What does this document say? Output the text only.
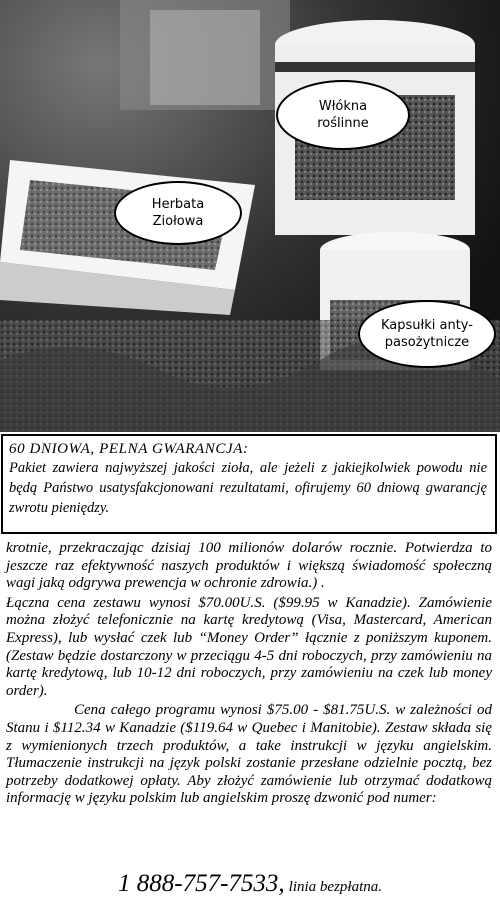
Włókna
roślinne
Herbata
Ziołowa
Kapsułki anty-
pasożytnicze
60 DNIOWA, PELNA GWARANCJA:
Pakiet zawiera najwyższej jakości zioła, ale jeżeli z jakiejkolwiek powodu nie będą Państwo usatysfakcjonowani rezultatami, ofirujemy 60 dniową gwarancję zwrotu pieniędzy.

krotnie, przekraczając dzisiaj 100 milionów dolarów rocznie. Potwierdza to jeszcze raz efektywność naszych produktów i większą świadomość społeczną wagi jaką odgrywa prewencja w ochronie zdrowia.) .

Łączna cena zestawu wynosi $70.00U.S. ($99.95 w Kanadzie). Zamówienie można złożyć telefonicznie na kartę kredytową (Visa, Mastercard, American Express), lub wysłać czek lub “Money Order” łącznie z poniższym kuponem. (Zestaw będzie dostarczony w przeciągu 4-5 dni roboczych, przy zamówieniu na kartę kredytową, lub 10-12 dni roboczych, przy zamówieniu na czek lub money order).

Cena całego programu wynosi $75.00 - $81.75U.S. w zależności od Stanu i $112.34 w Kanadzie ($119.64 w Quebec i Manitobie). Zestaw składa się z wymienionych trzech produktów, a take instrukcji w języku angielskim. Tłumaczenie instrukcji na język polski zostanie przesłane odzielnie pocztą, bez potrzeby dodatkowej opłaty. Aby złożyć zamówienie lub otrzymać dodatkową informację w języku polskim lub angielskim proszę dzwonić pod numer:

1 888-757-7533, linia bezpłatna.
